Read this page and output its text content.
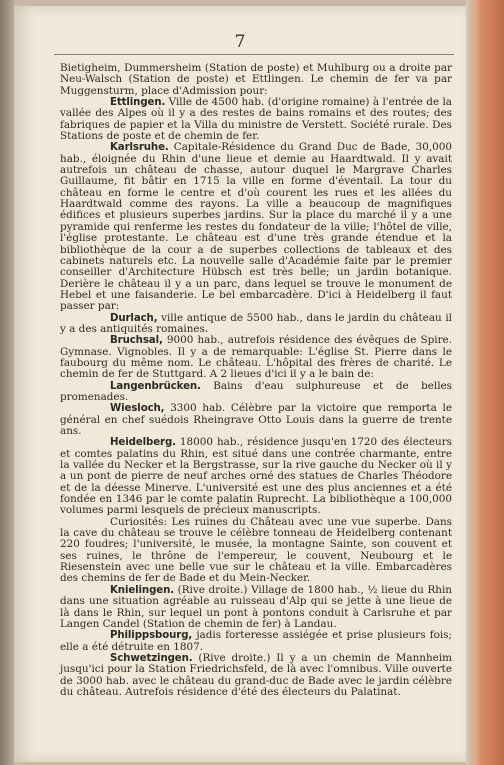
7

Bietigheim, Dummersheim (Station de poste) et Muhlburg ou a droite par Neu-Walsch (Station de poste) et Ettlingen. Le chemin de fer va par Muggensturm, place d'Admission pour:

Ettlingen. Ville de 4500 hab. (d'origine romaine) à l'entrée de la vallée des Alpes où il y a des restes de bains romains et des routes; des fabriques de papier et la Villa du ministre de Verstett. Société rurale. Des Stations de poste et de chemin de fer.

Karlsruhe. Capitale-Résidence du Grand Duc de Bade, 30,000 hab., éloignée du Rhin d'une lieue et demie au Haardtwald. Il y avait autrefois un château de chasse, autour duquel le Margrave Charles Guillaume, fit bâtir en 1715 la ville en forme d'éventail. La tour du château en forme le centre et d'où courent les rues et les allées du Haardtwald comme des rayons. La ville a beaucoup de magnifiques édifices et plusieurs superbes jardins. Sur la place du marché il y a une pyramide qui renferme les restes du fondateur de la ville; l'hôtel de ville, l'église protestante. Le château est d'une très grande étendue et la bibliothèque de la cour a de superbes collections de tableaux et des cabinets naturels etc. La nouvelle salle d'Académie faite par le premier conseiller d'Architecture Hübsch est très belle; un jardin botanique. Derière le château il y a un parc, dans lequel se trouve le monument de Hebel et une faisanderie. Le bel embarcadère. D'ici à Heidelberg il faut passer par:

Durlach, ville antique de 5500 hab., dans le jardin du château il y a des antiquités romaines.

Bruchsal, 9000 hab., autrefois résidence des évêques de Spire. Gymnase. Vignobles. Il y a de remarquable: L'église St. Pierre dans le faubourg du même nom. Le château. L'hôpital des frères de charité. Le chemin de fer de Stuttgard. A 2 lieues d'ici il y a le bain de:

Langenbrücken. Bains d'eau sulphureuse et de belles promenades.

Wiesloch, 3300 hab. Célèbre par la victoire que remporta le général en chef suédois Rheingrave Otto Louis dans la guerre de trente ans.

Heidelberg. 18000 hab., résidence jusqu'en 1720 des électeurs et comtes palatins du Rhin, est situé dans une contrée charmante, entre la vallée du Necker et la Bergstrasse, sur la rive gauche du Necker où il y a un pont de pierre de neuf arches orné des statues de Charles Théodore et de la déesse Minerve. L'université est une des plus anciennes et a été fondée en 1346 par le comte palatin Ruprecht. La bibliothèque a 100,000 volumes parmi lesquels de précieux manuscripts.

Curiosités: Les ruines du Château avec une vue superbe. Dans la cave du château se trouve le célèbre tonneau de Heidelberg contenant 220 foudres; l'université, le musée, la montagne Sainte, son couvent et ses ruines, le thrône de l'empereur, le couvent, Neubourg et le Riesenstein avec une belle vue sur le château et la ville. Embarcadères des chemins de fer de Bade et du Mein-Necker.

Knielingen. (Rive droite.) Village de 1800 hab., ½ lieue du Rhin dans une situation agréable au ruisseau d'Alp qui se jette à une lieue de là dans le Rhin, sur lequel un pont à pontons conduit à Carlsruhe et par Langen Candel (Station de chemin de fer) à Landau.

Philippsbourg, jadis forteresse assiégée et prise plusieurs fois; elle a été détruite en 1807.

Schwetzingen. (Rive droite.) Il y a un chemin de Mannheim jusqu'ici pour la Station Friedrichsfeld, de là avec l'omnibus. Ville ouverte de 3000 hab. avec le château du grand-duc de Bade avec le jardin célèbre du château. Autrefois résidence d'été des électeurs du Palatinat.
